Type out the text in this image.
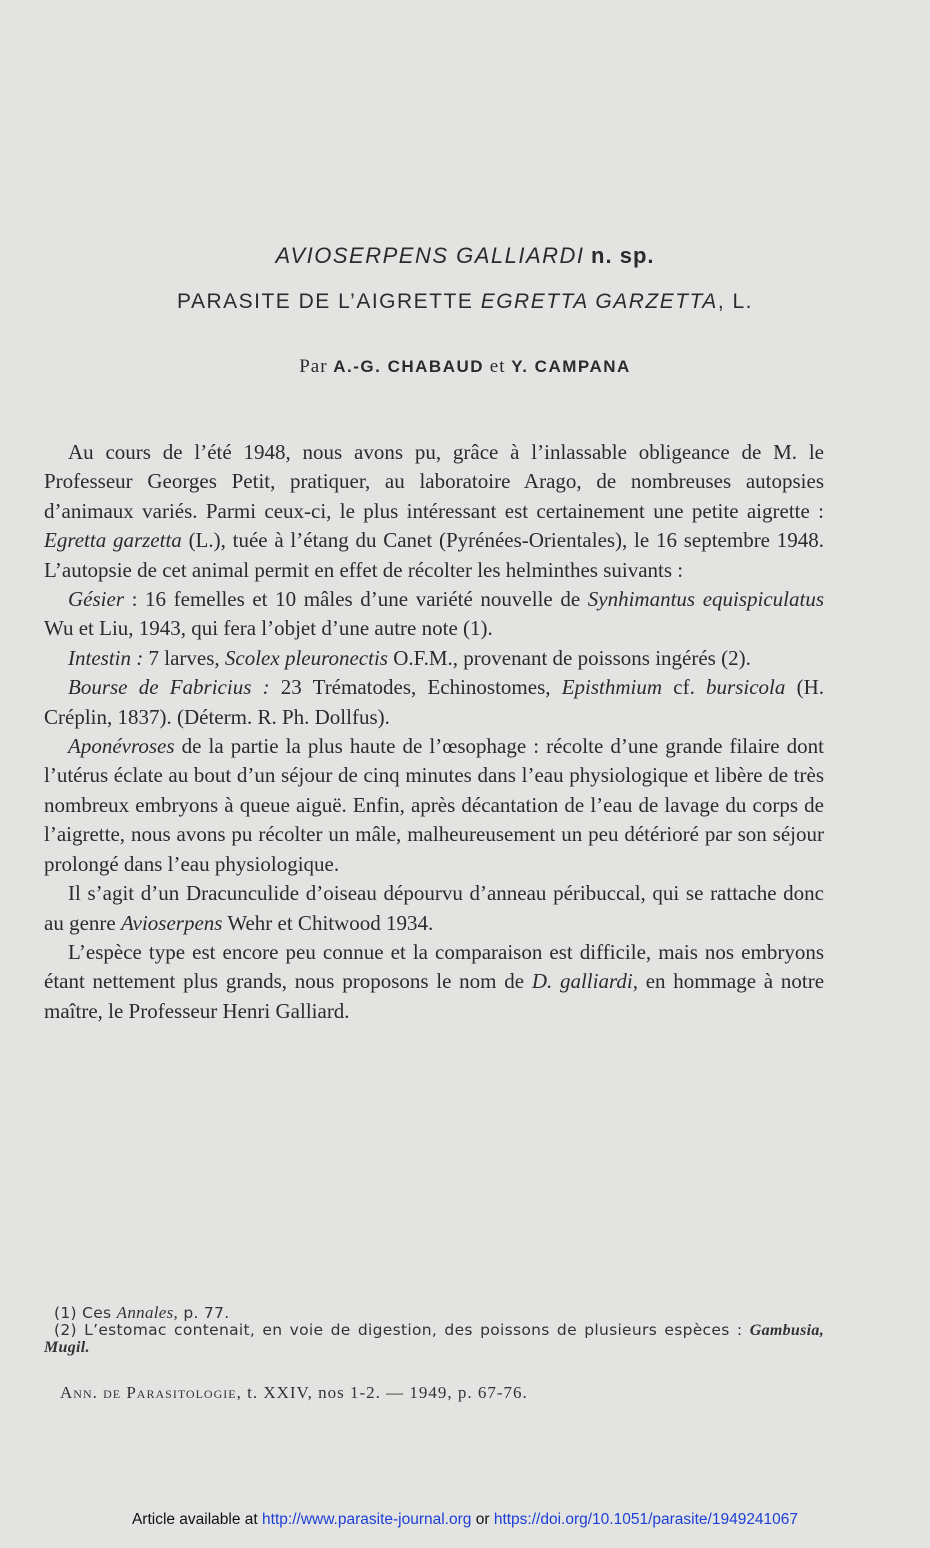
AVIOSERPENS GALLIARDI n. sp.
PARASITE DE L’AIGRETTE EGRETTA GARZETTA, L.
Par A.-G. CHABAUD et Y. CAMPANA

Au cours de l’été 1948, nous avons pu, grâce à l’inlassable obligeance de M. le Professeur Georges Petit, pratiquer, au laboratoire Arago, de nombreuses autopsies d’animaux variés. Parmi ceux-ci, le plus intéressant est certainement une petite aigrette : Egretta garzetta (L.), tuée à l’étang du Canet (Pyrénées-Orientales), le 16 septembre 1948. L’autopsie de cet animal permit en effet de récolter les helminthes suivants :

Gésier : 16 femelles et 10 mâles d’une variété nouvelle de Synhimantus equispiculatus Wu et Liu, 1943, qui fera l’objet d’une autre note (1).

Intestin : 7 larves, Scolex pleuronectis O.F.M., provenant de poissons ingérés (2).

Bourse de Fabricius : 23 Trématodes, Echinostomes, Episthmium cf. bursicola (H. Créplin, 1837). (Déterm. R. Ph. Dollfus).

Aponévroses de la partie la plus haute de l’œsophage : récolte d’une grande filaire dont l’utérus éclate au bout d’un séjour de cinq minutes dans l’eau physiologique et libère de très nombreux embryons à queue aiguë. Enfin, après décantation de l’eau de lavage du corps de l’aigrette, nous avons pu récolter un mâle, malheureusement un peu détérioré par son séjour prolongé dans l’eau physiologique.

Il s’agit d’un Dracunculide d’oiseau dépourvu d’anneau péribuccal, qui se rattache donc au genre Avioserpens Wehr et Chitwood 1934.

L’espèce type est encore peu connue et la comparaison est difficile, mais nos embryons étant nettement plus grands, nous proposons le nom de D. galliardi, en hommage à notre maître, le Professeur Henri Galliard.

(1) Ces Annales, p. 77.

(2) L’estomac contenait, en voie de digestion, des poissons de plusieurs espèces : Gambusia, Mugil.

Ann. de Parasitologie, t. XXIV, nos 1-2. — 1949, p. 67-76.
Article available at http://www.parasite-journal.org or https://doi.org/10.1051/parasite/1949241067
